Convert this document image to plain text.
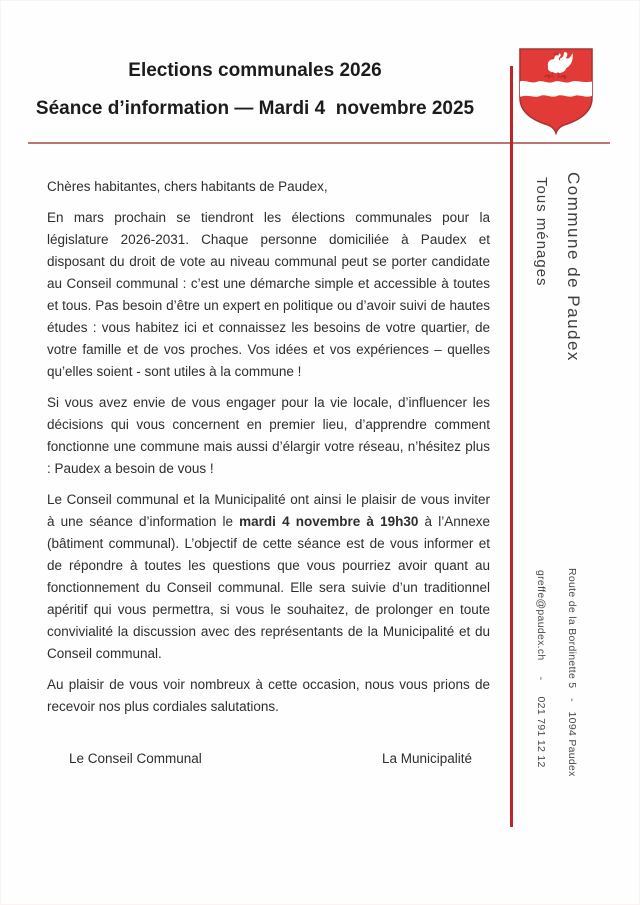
Elections communales 2026
Séance d’information — Mardi 4  novembre 2025
Commune de Paudex
Tous ménages
Route de la Bordinette 5   -   1094 Paudex
greffe@paudex.ch     -     021 791 12 12

Chères habitantes, chers habitants de Paudex,

En mars prochain se tiendront les élections communales pour la législature 2026-2031. Chaque personne domiciliée à Paudex et disposant du droit de vote au niveau communal peut se porter candidate au Conseil communal : c’est une démarche simple et accessible à toutes et tous. Pas besoin d’être un expert en politique ou d’avoir suivi de hautes études : vous habitez ici et connaissez les besoins de votre quartier, de votre famille et de vos proches. Vos idées et vos expériences – quelles qu’elles soient - sont utiles à la commune !

Si vous avez envie de vous engager pour la vie locale, d’influencer les décisions qui vous concernent en premier lieu, d’apprendre comment fonctionne une commune mais aussi d’élargir votre réseau, n’hésitez plus : Paudex a besoin de vous !

Le Conseil communal et la Municipalité ont ainsi le plaisir de vous inviter à une séance d’information le mardi 4 novembre à 19h30 à l’Annexe (bâtiment communal). L’objectif de cette séance est de vous informer et de répondre à toutes les questions que vous pourriez avoir quant au fonctionnement du Conseil communal. Elle sera suivie d’un traditionnel apéritif qui vous permettra, si vous le souhaitez, de prolonger en toute convivialité la discussion avec des représentants de la Municipalité et du Conseil communal.

Au plaisir de vous voir nombreux à cette occasion, nous vous prions de recevoir nos plus cordiales salutations.

Le Conseil Communal	La Municipalité
